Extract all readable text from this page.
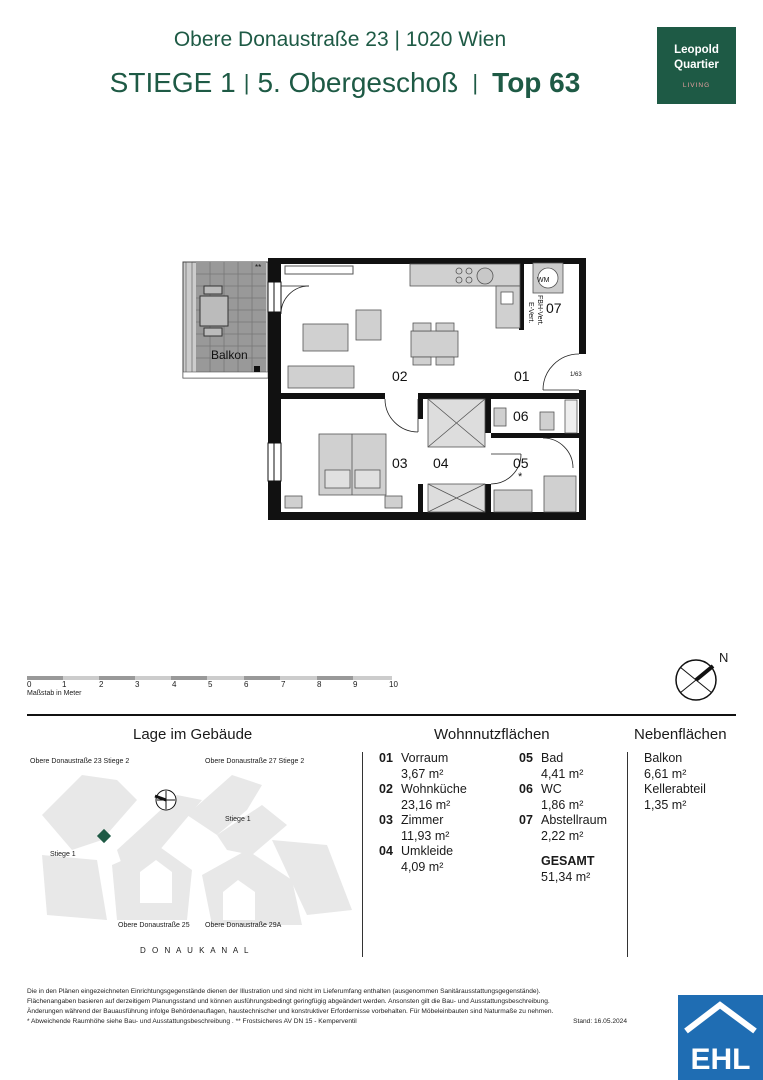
Obere Donaustraße 23 | 1020 Wien
STIEGE 1 | 5. Obergeschoß | Top 63
Leopold
Quartier
LIVING
Balkon
**
WM
FBH-Vert.
E-Vert.
1/63
01
02
03 04	05
06
07
*
0	1	2	3	4	5	6	7	8	9	10
Maßstab in Meter
N
Lage im Gebäude
Obere Donaustraße 23 Stiege 2	Obere Donaustraße 27 Stiege 2
Stiege 1
Stiege 1
Obere Donaustraße 25 Obere Donaustraße 29A
D O N A U K A N A L
Wohnnutzflächen
01 Vorraum
3,67 m²
02 Wohnküche
23,16 m²
03 Zimmer
11,93 m²
04 Umkleide
4,09 m²
05 Bad
4,41 m²
06 WC
1,86 m²
07 Abstellraum
2,22 m²
GESAMT
51,34 m²
Nebenflächen
Balkon
6,61 m²
Kellerabteil
1,35 m²
Die in den Plänen eingezeichneten Einrichtungsgegenstände dienen der Illustration und sind nicht im Lieferumfang enthalten (ausgenommen Sanitärausstattungsgegenstände).
Flächenangaben basieren auf derzeitigem Planungsstand und können ausführungsbedingt geringfügig abgeändert werden. Ansonsten gilt die Bau- und Ausstattungsbeschreibung.
Änderungen während der Bauausführung infolge Behördenauflagen, haustechnischer und konstruktiver Erfordernisse vorbehalten. Für Möbeleinbauten sind Naturmaße zu nehmen.
* Abweichende Raumhöhe siehe Bau- und Ausstattungsbeschreibung . ** Frostsicheres AV DN 15 - Kemperventil	Stand: 16.05.2024
EHL
